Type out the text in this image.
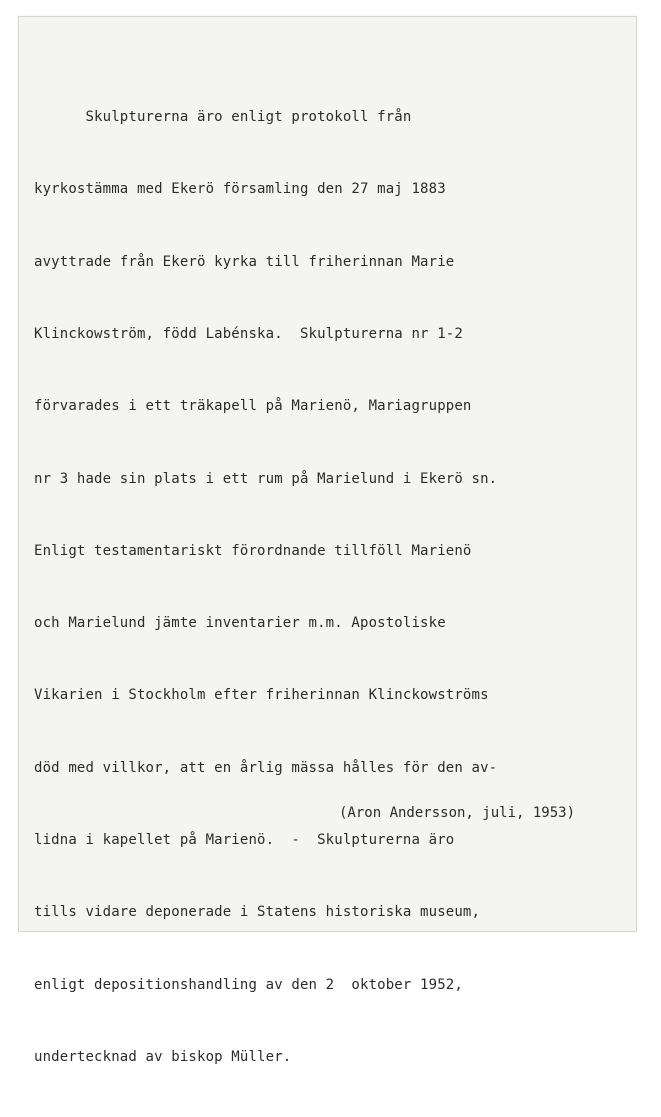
Skulpturerna äro enligt protokoll från

kyrkostämma med Ekerö församling den 27 maj 1883

avyttrade från Ekerö kyrka till friherinnan Marie

Klinckowström, född Labénska.  Skulpturerna nr 1-2

förvarades i ett träkapell på Marienö, Mariagruppen

nr 3 hade sin plats i ett rum på Marielund i Ekerö sn.

Enligt testamentariskt förordnande tillföll Marienö

och Marielund jämte inventarier m.m. Apostoliske

Vikarien i Stockholm efter friherinnan Klinckowströms

död med villkor, att en årlig mässa hålles för den av-

lidna i kapellet på Marienö.  -  Skulpturerna äro

tills vidare deponerade i Statens historiska museum,

enligt depositionshandling av den 2  oktober 1952,

undertecknad av biskop Müller.

(Aron Andersson, juli, 1953)
